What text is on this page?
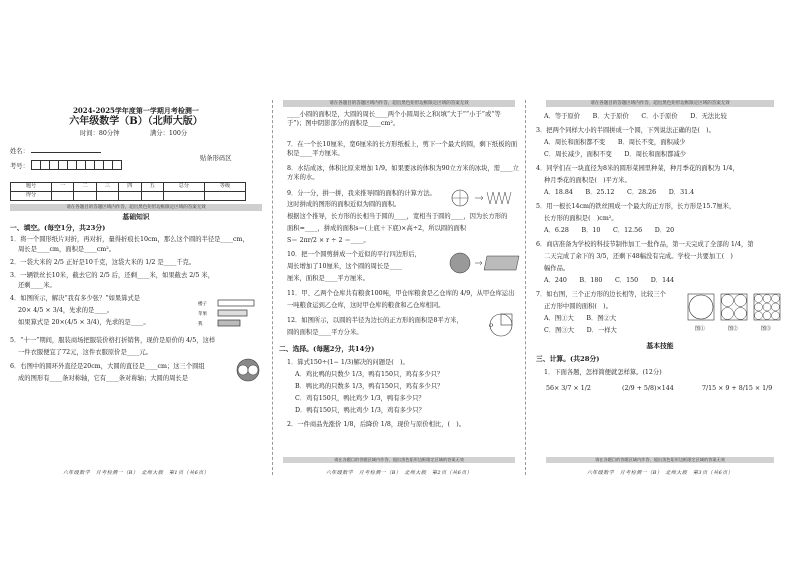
2024-2025学年度第一学期月考检测一
六年级数学（B）（北师大版）
时间：80分钟	满分：100分
姓名：
考号：
贴条形码区
题号	一	二	三	四	五	总分	等级
得分							
请在各题目的答题区域内作答，超出黑色矩形边框限定区域的答案无效
基础知识
一、填空。(每空1分，共23分)
1．将一个圆形纸片对折，再对折，量得折痕长10cm，那么这个圆的半径是____cm，
周长是____cm，面积是____cm²。
2．一袋大米的 2/5 正好是10千克，这袋大米的 1/2 是____千克。
3．一辆铁丝长10米，截去它的 2/5 后，还剩____米，如果截去 2/5 米，
还剩____米。
4．如图所示，解决“我有多少张？”如果算式是
20× 4/5 × 3/4，先求的是____。
如果算式是 20×(4/5 × 3/4)，先求的是____。
楼子
苹果
我
5．“十一”期间，服装商场把服装价格打折销售，现价是原价的 4/5，这样
一件衣服便宜了72元，这件衣服原价是____元。
6．右图中的圆环外直径是20cm，大圆的直径是____cm；这三个圆组
成的图形有____条对称轴，它有____条对称轴；大圆的周长是
六年级数学　月考检测一（B）　北师大版　第1页（共6页）
请在各题目的答题区域内作答，超出黑色矩形边框限定区域的答案无效
____小圆的面积是，大圆的周长____两个小圆周长之和(填“大于”“小于”或“等于”)；图中阴影部分的面积是____cm²。
7．在一个长10厘米，宽6厘米的长方形纸板上，剪下一个最大的圆，剩下纸板的面积是____平方厘米。
8．水结成冰，体积比原来增加 1/9。如果要冰的体积为90立方米的冰块，需____立方米的水。
9．分一分，拼一拼，我来推导圆的面积的计算方法。
这时拼成的图形的面积近似为圆的面积。
根据这个推导，长方形的长相当于圆的____，宽相当于圆的____，因为长方形的
面积=____，拼成的面积s＝(上底＋下底)×高÷2，所以圆的面积
S＝ 2πr/2 × r ÷ 2 ＝____。
10．把一个圆剪拼成一个近似的平行四边形后，
周长增加了10厘米，这个圆的周长是____
厘米，面积是____平方厘米。
11．甲、乙两个仓库共有粮食100吨，甲仓库粮食是乙仓库的 4/9，从甲仓库运出
一吨粮食运到乙仓库，这时甲仓库的粮食和乙仓库相同。
12．如图所示，以圆的半径为边长的正方形的面积是8平方米，
圆的面积是____平方分米。
O
二、选择。(每题2分，共14分)
1．算式150÷(1− 1/3)解决的问题是(　)。
A．鸡比鸭的只数少 1/3，鸭有150只，鸡有多少只？
B．鸭比鸡的只数多 1/3，鸭有150只，鸡有多少只？
C．鸡有150只，鸭比鸡少 1/3，鸭有多少只？
D．鸭有150只，鸭比鸡少 1/3，鸡有多少只？
2．一件商品先涨价 1/8，后降价 1/8，现价与原价相比，(　)。
请在各题目的答题区域内作答，超出黑色矩形边框限定区域的答案无效
六年级数学　月考检测一（B）　北师大版　第2页（共6页）
请在各题目的答题区域内作答，超出黑色矩形边框限定区域的答案无效
A．等于原价　　B．大于原价　　C．小于原价　　D．无法比较
3．把两个同样大小的半圆拼成一个圆，下列说法正确的是(　)。
A．周长和面积都不变　　B．周长不变，面积减少
C．周长减少，面积不变　　D．周长和面积都减少
4．同学们在一块直径为8米的圆形菜园里种菜，种月季花的面积为 1/4，
种月季花的面积是(　)平方米。
A．18.84　　B．25.12　　C．28.26　　D．31.4
5．用一根长14cm的铁丝围成一个最大的正方形，长方形是15.7厘米，
长方形的面积是(　)cm²。
A．6.28　　B．10　　C．12.56　　D．20
6．商店准备为学校的科技节制作加工一批作品，第一天完成了全部的 1/4，第
二天完成了余下的 3/5，还剩下48幅没有完成。学校一共要加工(　)
幅作品。
A．240　　B．180　　C．150　　D．144
7．如右图，三个正方形的边长相等，比较三个
正方形中圆的面积(　)。
A．图①大　　B．图②大
C．图③大　　D．一样大	图①	图②	图③
基本技能
三、计算。(共28分)
1．下面各题，怎样简便就怎样算。(12分)
56× 3/7 × 1/2	(2/9 + 5/8)×144	7/15 × 9 + 8/15 × 1/9
请在各题目的答题区域内作答，超出黑色矩形边框限定区域的答案无效
六年级数学　月考检测一（B）　北师大版　第3页（共6页）
